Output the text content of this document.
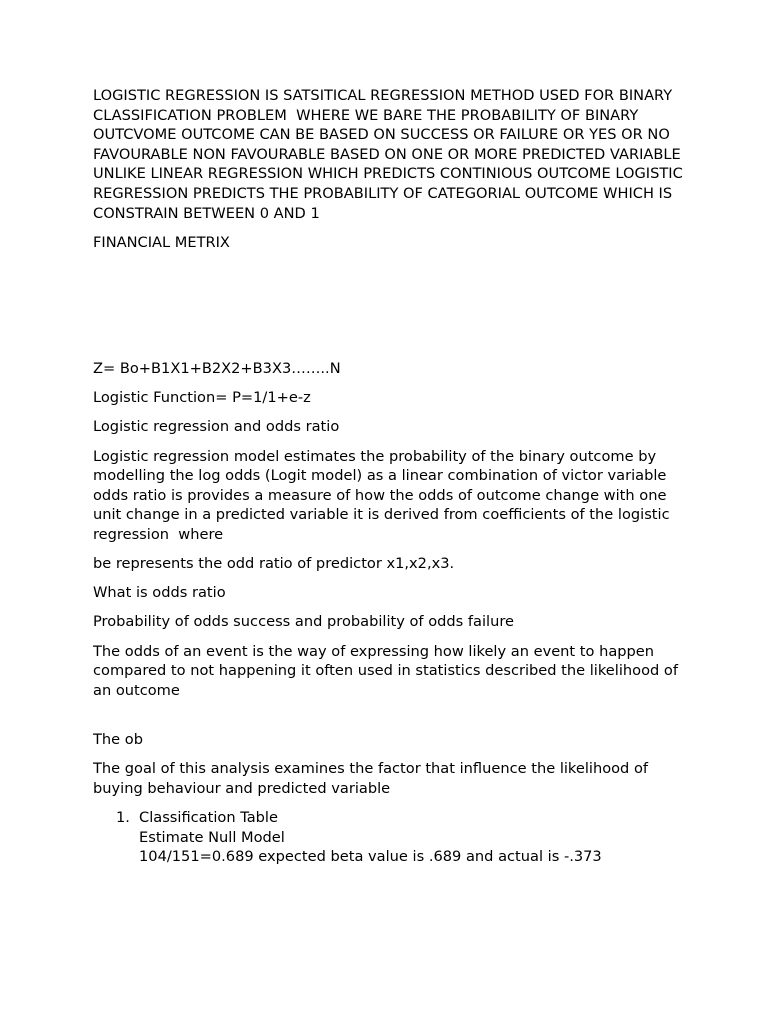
LOGISTIC REGRESSION IS SATSITICAL REGRESSION METHOD USED FOR BINARY CLASSIFICATION PROBLEM  WHERE WE BARE THE PROBABILITY OF BINARY OUTCVOME OUTCOME CAN BE BASED ON SUCCESS OR FAILURE OR YES OR NO FAVOURABLE NON FAVOURABLE BASED ON ONE OR MORE PREDICTED VARIABLE UNLIKE LINEAR REGRESSION WHICH PREDICTS CONTINIOUS OUTCOME LOGISTIC REGRESSION PREDICTS THE PROBABILITY OF CATEGORIAL OUTCOME WHICH IS CONSTRAIN BETWEEN 0 AND 1

FINANCIAL METRIX

Z= Bo+B1X1+B2X2+B3X3……..N

Logistic Function= P=1/1+e-z

Logistic regression and odds ratio

Logistic regression model estimates the probability of the binary outcome by modelling the log odds (Logit model) as a linear combination of victor variable odds ratio is provides a measure of how the odds of outcome change with one unit change in a predicted variable it is derived from coefficients of the logistic regression  where

be represents the odd ratio of predictor x1,x2,x3.

What is odds ratio

Probability of odds success and probability of odds failure

The odds of an event is the way of expressing how likely an event to happen compared to not happening it often used in statistics described the likelihood of an outcome

The ob

The goal of this analysis examines the factor that influence the likelihood of buying behaviour and predicted variable

1. Classification Table
Estimate Null Model
104/151=0.689 expected beta value is .689 and actual is -.373
